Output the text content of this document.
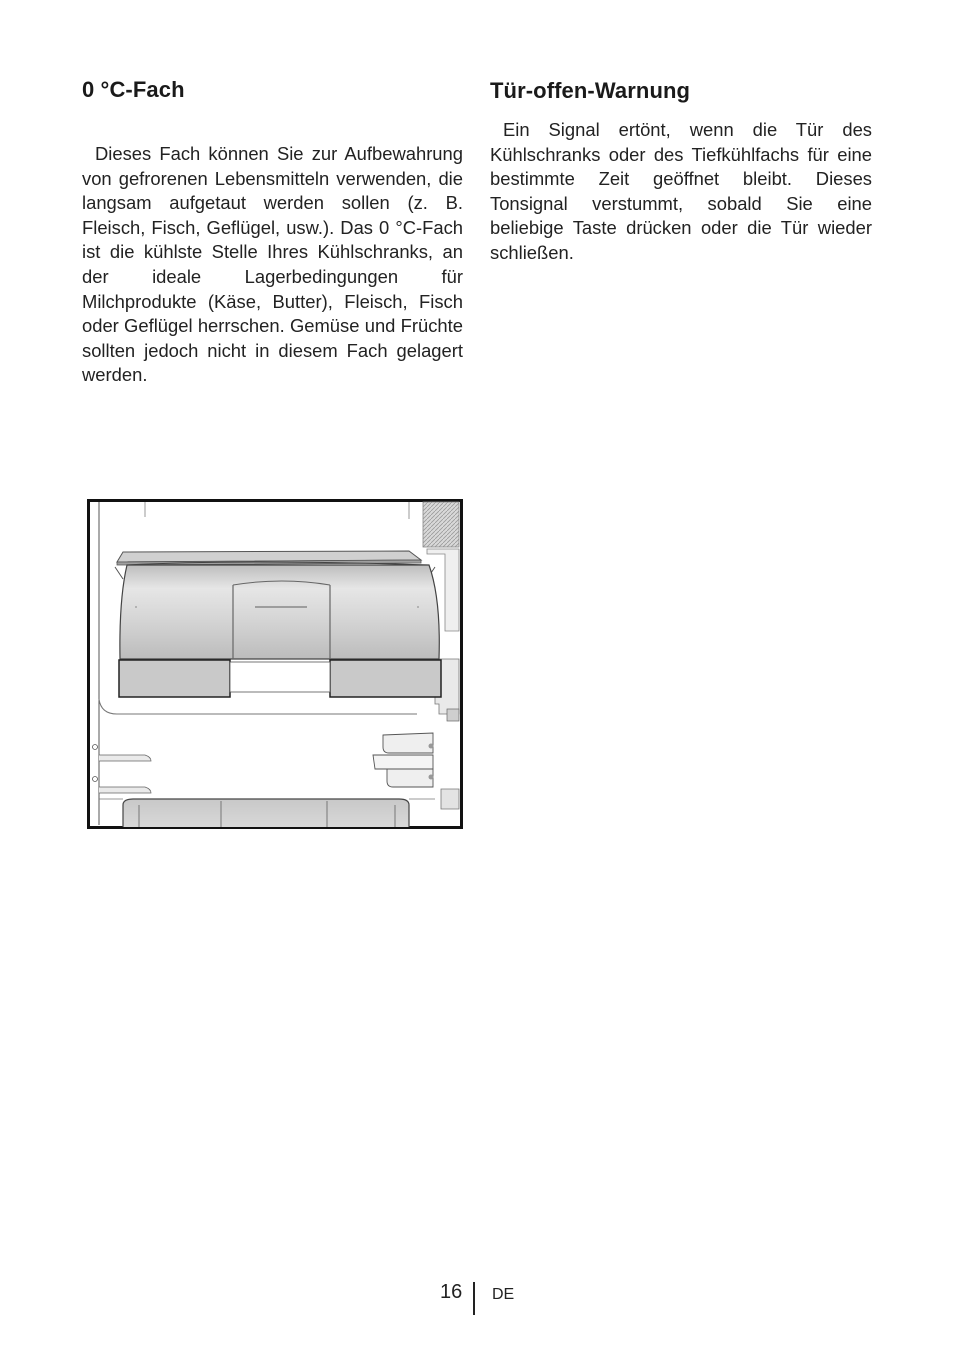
0 °C-Fach

Dieses Fach können Sie zur Aufbewahrung von gefrorenen Lebensmitteln verwenden, die langsam aufgetaut werden sollen (z. B. Fleisch, Fisch, Geflügel, usw.). Das 0 °C-Fach ist die kühlste Stelle Ihres Kühlschranks, an der ideale Lagerbedingungen für Milchprodukte (Käse, Butter), Fleisch, Fisch oder Geflügel herrschen. Gemüse und Früchte sollten jedoch nicht in diesem Fach gelagert werden.

Tür-offen-Warnung

Ein Signal ertönt, wenn die Tür des Kühlschranks oder des Tiefkühlfachs für eine bestimmte Zeit geöffnet bleibt. Dieses Tonsignal verstummt, sobald Sie eine beliebige Taste drücken oder die Tür wieder schließen.

16 DE
